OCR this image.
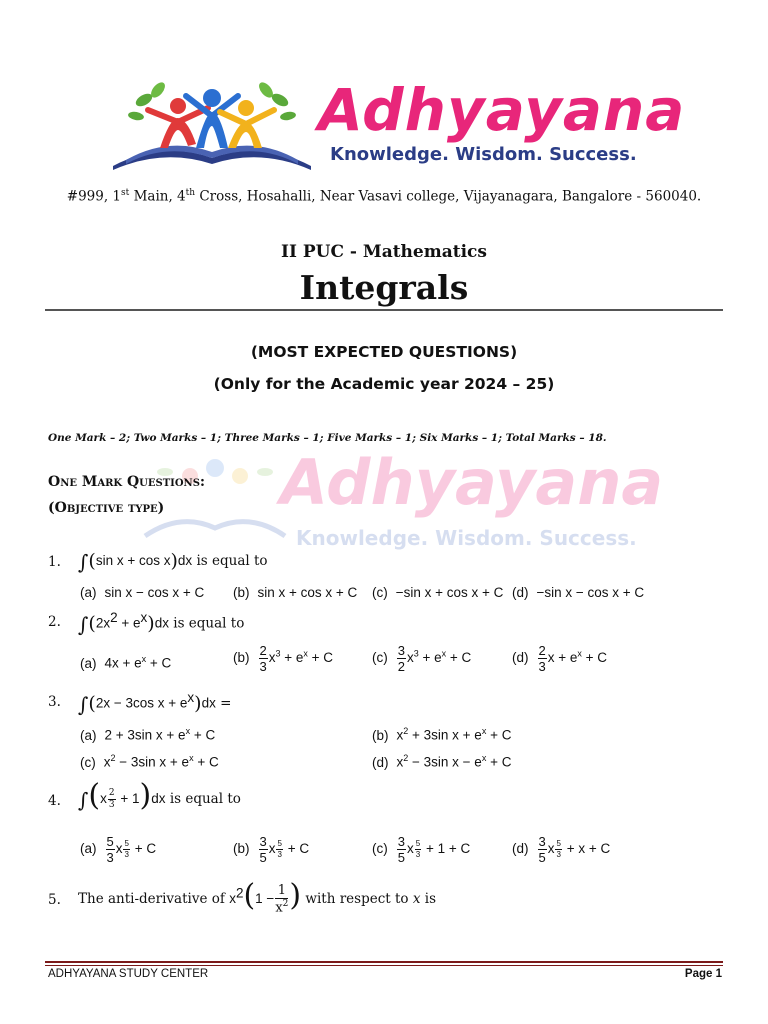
Adhyayana
Knowledge. Wisdom. Success.
#999, 1st Main, 4th Cross, Hosahalli, Near Vasavi college, Vijayanagara, Bangalore - 560040.
II PUC - Mathematics
Integrals
(MOST EXPECTED QUESTIONS)
(Only for the Academic year 2024 – 25)
One Mark – 2; Two Marks – 1; Three Marks – 1; Five Marks – 1; Six Marks – 1; Total Marks – 18.
Adhyayana
Knowledge. Wisdom. Success.
One Mark Questions:
(Objective type)
1. ∫(sin x + cos x)dx is equal to
(a) sin x − cos x + C (b) sin x + cos x + C (c) −sin x + cos x + C (d) −sin x − cos x + C
2. $\int(2x^2 + e^x)dx$ is equal to
(a) $4x + e^x + C$	$(b) \frac{2}{3} x^3 + e^x + C$	$(c) \frac{3}{2} x^3 + e^x + C$	$(d) \frac{2}{3}$ $x + e^x + C$
3. ∫(2x − 3cos $x + e^x)dx$ =
(a) 2 + 3sin $x + e^x + C$	(b) $x^2 + 3\sin$ $x + e^x + C$
(c) $x^2 - 3\sin$ $x + e^x + C$	(d) $x^2 - 3\sin$ $x - e^x + C$
4. $\int(x \frac{2}{3} + 1)dx$ is equal to
$(a) \frac{5}{3}$ x $\frac{5}{3} + C$	$(b) \frac{3}{5}$ x $\frac{5}{3} + C$	$(c) \frac{3}{5}$ x $\frac{5}{3} + 1 + C$	$(d) \frac{3}{5}$ x $\frac{5}{3} + x + C$
5. The anti-derivative of $x^2(1 - \frac{1}{x^2}$ ) with respect to x is
ADHYAYANA STUDY CENTER	Page 1
